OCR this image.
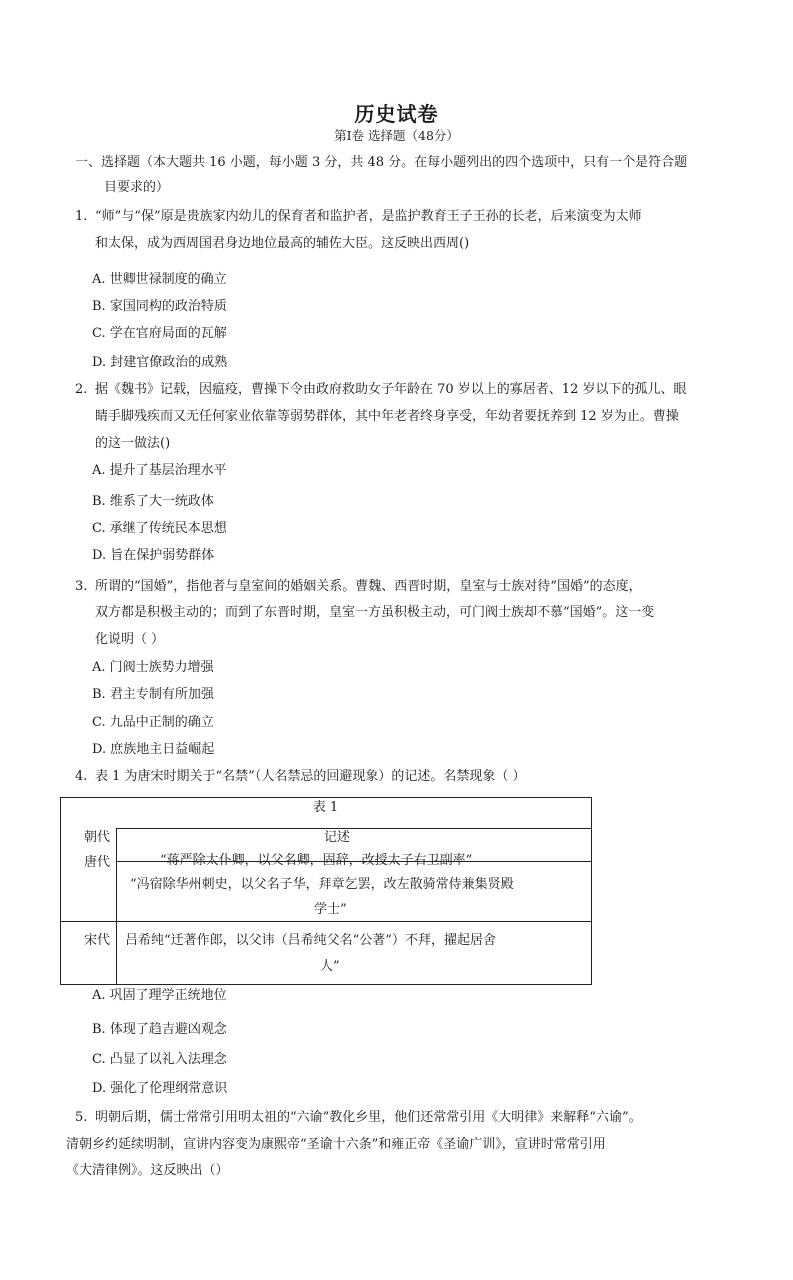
历史试卷
第Ⅰ卷 选择题（48分）
一、选择题（本大题共 16 小题，每小题 3 分，共 48 分。在每小题列出的四个选项中，只有一个是符合题
目要求的）
1. “师”与“保”原是贵族家内幼儿的保育者和监护者，是监护教育王子王孙的长老，后来演变为太师
和太保，成为西周国君身边地位最高的辅佐大臣。这反映出西周()
A. 世卿世禄制度的确立
B. 家国同构的政治特质
C. 学在官府局面的瓦解
D. 封建官僚政治的成熟
2. 据《魏书》记载，因瘟疫，曹操下令由政府救助女子年龄在 70 岁以上的寡居者、12 岁以下的孤儿、眼
睛手脚残疾而又无任何家业依靠等弱势群体，其中年老者终身享受，年幼者要抚养到 12 岁为止。曹操
的这一做法()
A. 提升了基层治理水平
B. 维系了大一统政体
C. 承继了传统民本思想
D. 旨在保护弱势群体
3. 所谓的“国婚”，指他者与皇室间的婚姻关系。曹魏、西晋时期，皇室与士族对待“国婚”的态度，
双方都是积极主动的；而到了东晋时期，皇室一方虽积极主动，可门阀士族却不慕“国婚”。这一变
化说明（ ）
A. 门阀士族势力增强
B. 君主专制有所加强
C. 九品中正制的确立
D. 庶族地主日益崛起
4. 表 1 为唐宋时期关于“名禁”（人名禁忌的回避现象）的记述。名禁现象（ ）
表 1
朝代	记述
唐代	“蒋严除太仆卿，以父名卿，固辞，改授太子右卫副率”
“冯宿除华州刺史，以父名子华，拜章乞罢，改左散骑常侍兼集贤殿
学士”
宋代 吕希纯“迁著作郎，以父讳（吕希纯父名“公著”）不拜，擢起居舍
人”
A. 巩固了理学正统地位
B. 体现了趋吉避凶观念
C. 凸显了以礼入法理念
D. 强化了伦理纲常意识
5. 明朝后期，儒士常常引用明太祖的“六谕”教化乡里，他们还常常引用《大明律》来解释“六谕”。
清朝乡约延续明制，宣讲内容变为康熙帝“圣谕十六条”和雍正帝《圣谕广训》，宣讲时常常引用
《大清律例》。这反映出（）
